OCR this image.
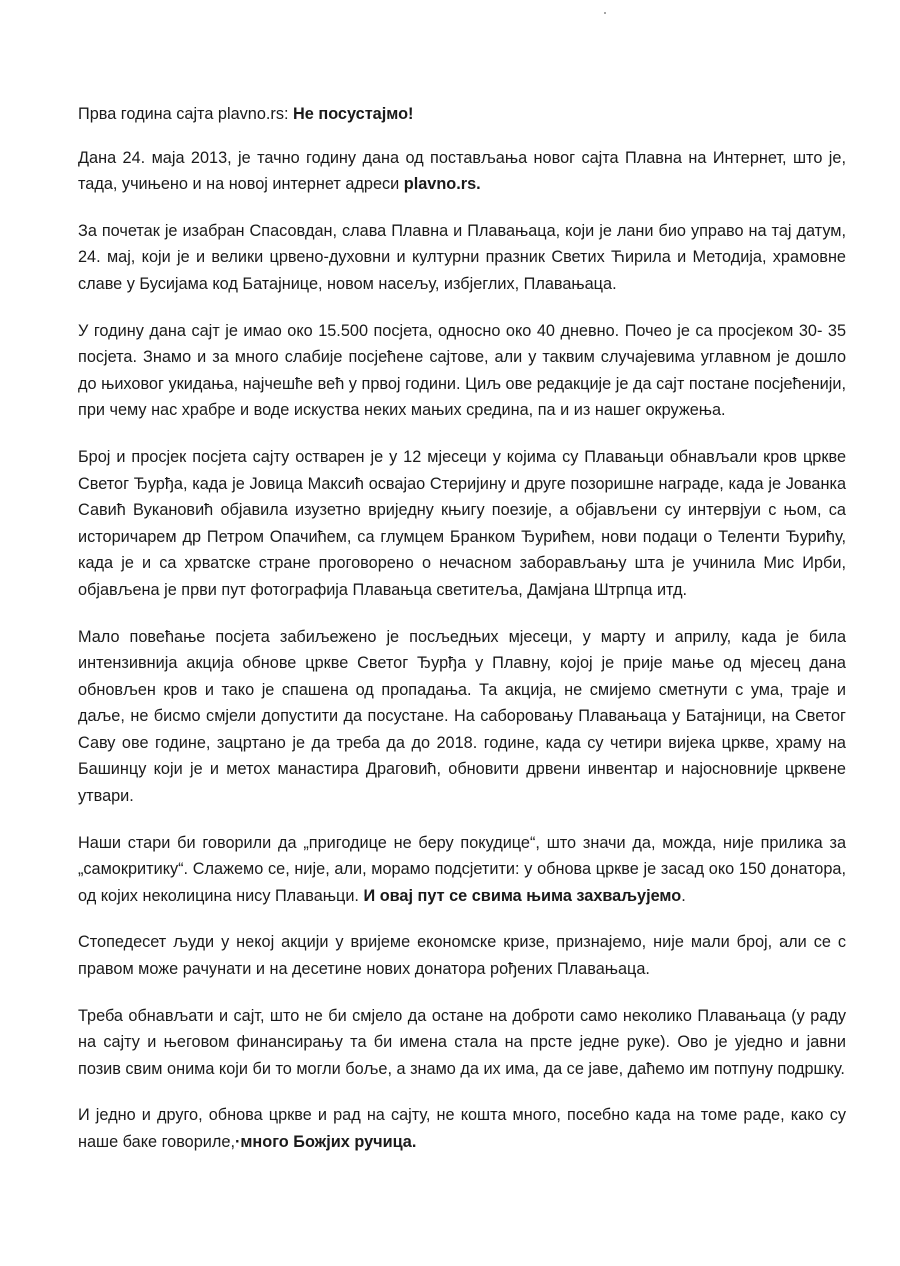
Прва година сајта plavno.rs: Не посустајмо!

Дана 24. маја 2013, је тачно годину дана од постављања новог сајта Плавна на Интернет, што је, тада, учињено и на новој интернет адреси plavno.rs.

За почетак је изабран Спасовдан, слава Плавна и Плавањаца, који је лани био управо на тај датум, 24. мај, који је и велики црвено-духовни и културни празник Светих Ћирила и Методија, храмовне славе у Бусијама код Батајнице, новом насељу, избјеглих, Плавањаца.

У годину дана сајт је имао око 15.500 посјета, односно око 40 дневно. Почео је са просјеком 30- 35 посјета. Знамо и за много слабије посјећене сајтове, али у таквим случајевима углавном је дошло до њиховог укидања, најчешће већ у првој години. Циљ ове редакције је да сајт постане посјећенији, при чему нас храбре и воде искуства неких мањих средина, па и из нашег окружења.

Број и просјек посјета сајту остварен је у 12 мјесеци у којима су Плавањци обнављали кров цркве Светог Ђурђа, када је Јовица Максић освајао Стеријину и друге позоришне награде, када је Јованка Савић Вукановић објавила изузетно вриједну књигу поезије, а објављени су интервјуи с њом, са историчарем др Петром Опачићем, са глумцем Бранком Ђурићем, нови подаци о Теленти Ђурићу, када је и са хрватске стране проговорено о нечасном заборављању шта је учинила Мис Ирби, објављена је први пут фотографија Плавањца светитеља, Дамјана Штрпца итд.

Мало повећање посјета забиљежено је посљедњих мјесеци, у марту и априлу, када је била интензивнија акција обнове цркве Светог Ђурђа у Плавну, којој је прије мање од мјесец дана обновљен кров и тако је спашена од пропадања. Та акција, не смијемо сметнути с ума, траје и даље, не бисмо смјели допустити да посустане. На саборовању Плавањаца у Батајници, на Светог Саву ове године, зацртано је да треба да до 2018. године, када су четири вијека цркве, храму на Башинцу који је и метох манастира Драговић, обновити дрвени инвентар и најосновније црквене утвари.

Наши стари би говорили да „пригодице не беру покудице“, што значи да, можда, није прилика за „самокритику“. Слажемо се, није, али, морамо подсјетити: у обнова цркве је засад око 150 донатора, од којих неколицина нису Плавањци. И овај пут се свима њима захваљујемо.

Стопедесет људи у некој акцији у вријеме економске кризе, признајемо, није мали број, али се с правом може рачунати и на десетине нових донатора рођених Плавањаца.

Треба обнављати и сајт, што не би смјело да остане на доброти само неколико Плавањаца (у раду на сајту и његовом финансирању та би имена стала на прсте једне руке). Ово је уједно и јавни позив свим онима који би то могли боље, а знамо да их има, да се јаве, даћемо им потпуну подршку.

И једно и друго, обнова цркве и рад на сајту, не кошта много, посебно када на томе раде, како су наше баке говориле,·много Божјих ручица.
